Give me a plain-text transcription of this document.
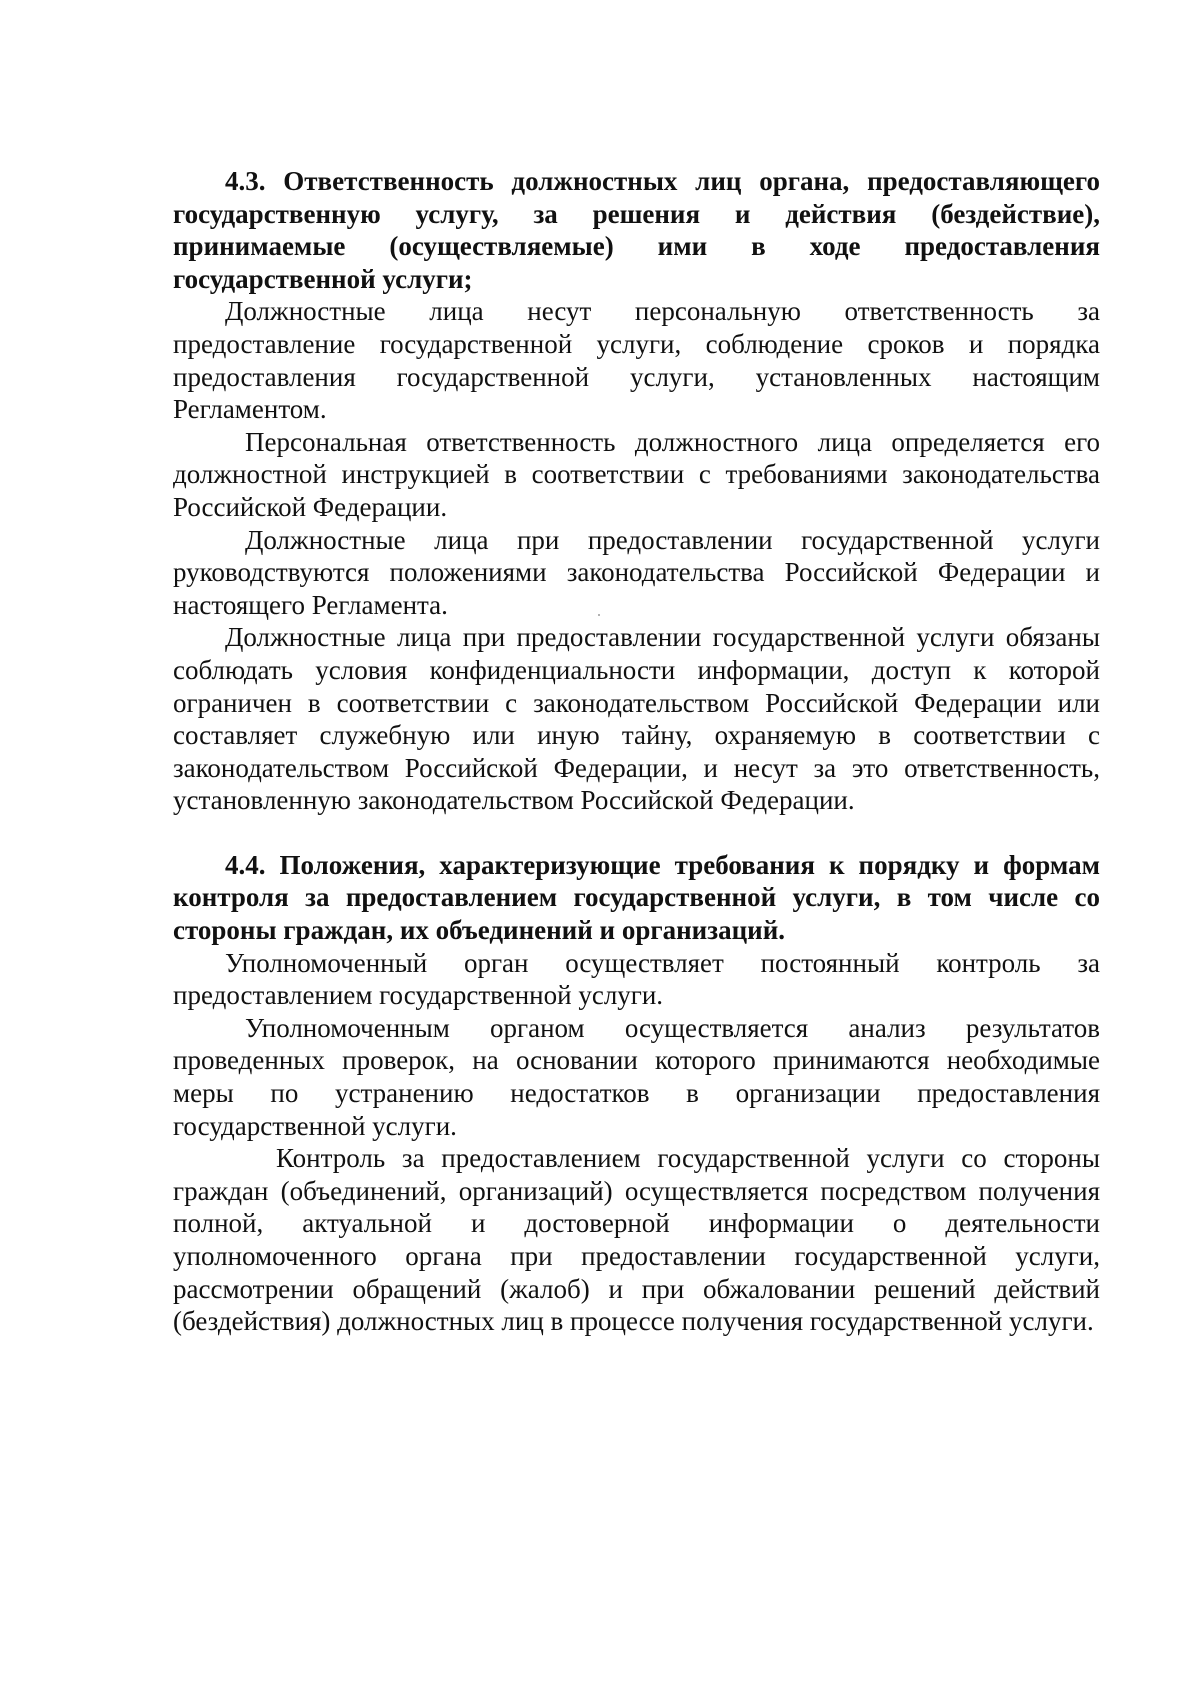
4.3. Ответственность должностных лиц органа, предоставляющего государственную услугу, за решения и действия (бездействие), принимаемые (осуществляемые) ими в ходе предоставления государственной услуги;

Должностные лица несут персональную ответственность за предоставление государственной услуги, соблюдение сроков и порядка предоставления государственной услуги, установленных настоящим Регламентом.

Персональная ответственность должностного лица определяется его должностной инструкцией в соответствии с требованиями законодательства Российской Федерации.

Должностные лица при предоставлении государственной услуги руководствуются положениями законодательства Российской Федерации и настоящего Регламента.

Должностные лица при предоставлении государственной услуги обязаны соблюдать условия конфиденциальности информации, доступ к которой ограничен в соответствии с законодательством Российской Федерации или составляет служебную или иную тайну, охраняемую в соответствии с законодательством Российской Федерации, и несут за это ответственность, установленную законодательством Российской Федерации.

4.4. Положения, характеризующие требования к порядку и формам контроля за предоставлением государственной услуги, в том числе со стороны граждан, их объединений и организаций.

Уполномоченный орган осуществляет постоянный контроль за предоставлением государственной услуги.

Уполномоченным органом осуществляется анализ результатов проведенных проверок, на основании которого принимаются необходимые меры по устранению недостатков в организации предоставления государственной услуги.

Контроль за предоставлением государственной услуги со стороны граждан (объединений, организаций) осуществляется посредством получения полной, актуальной и достоверной информации о деятельности уполномоченного органа при предоставлении государственной услуги, рассмотрении обращений (жалоб) и при обжаловании решений действий (бездействия) должностных лиц в процессе получения государственной услуги.
